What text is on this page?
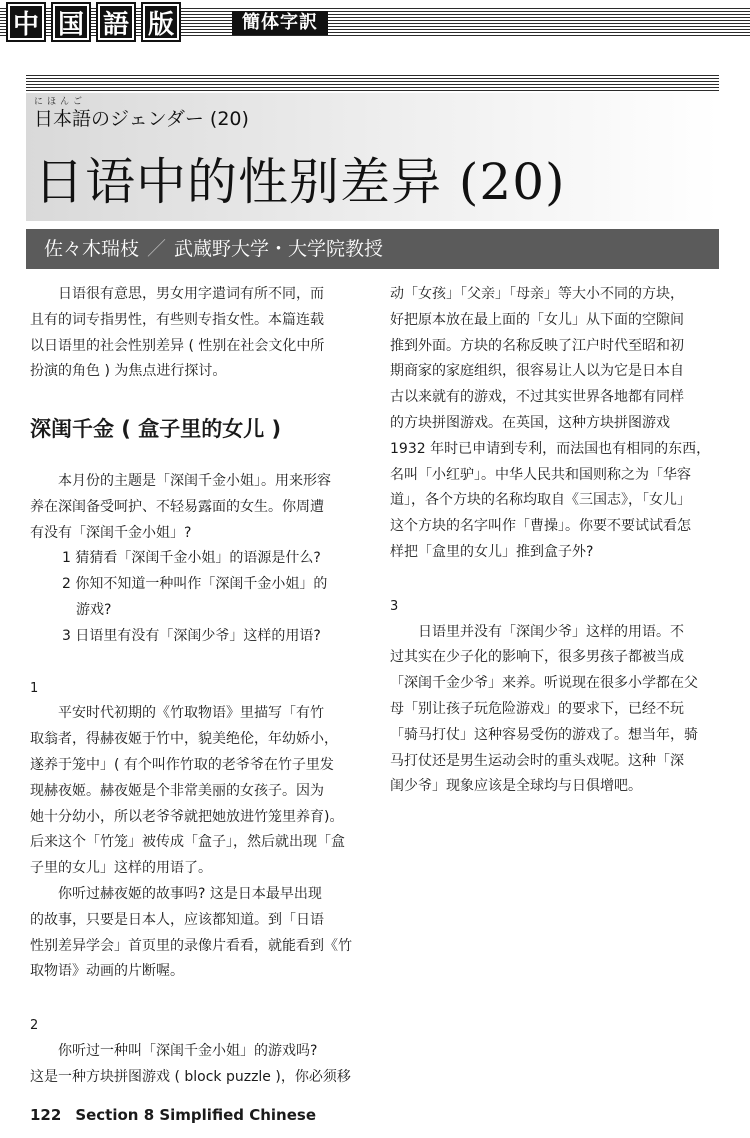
中 国 語 版	簡体字訳
にほんご
日本語のジェンダー (20)
日语中的性别差异 (20)
佐々木瑞枝 ／ 武蔵野大学・大学院教授

日语很有意思，男女用字遣词有所不同，而
且有的词专指男性，有些则专指女性。本篇连载
以日语里的社会性别差异 ( 性别在社会文化中所
扮演的角色 ) 为焦点进行探讨。

深闺千金 ( 盒子里的女儿 )

本月份的主题是「深闺千金小姐」。用来形容
养在深闺备受呵护、不轻易露面的女生。你周遭
有没有「深闺千金小姐」?

1 猜猜看「深闺千金小姐」的语源是什么?
2 你知不知道一种叫作「深闺千金小姐」的
游戏?
3 日语里有没有「深闺少爷」这样的用语?
1

平安时代初期的《竹取物语》里描写「有竹
取翁者，得赫夜姬于竹中，貌美绝伦，年幼娇小，
遂养于笼中」( 有个叫作竹取的老爷爷在竹子里发
现赫夜姬。赫夜姬是个非常美丽的女孩子。因为
她十分幼小，所以老爷爷就把她放进竹笼里养育)。
后来这个「竹笼」被传成「盒子」，然后就出现「盒
子里的女儿」这样的用语了。

你听过赫夜姬的故事吗? 这是日本最早出现
的故事，只要是日本人，应该都知道。到「日语
性别差异学会」首页里的录像片看看，就能看到《竹
取物语》动画的片断喔。

2

你听过一种叫「深闺千金小姐」的游戏吗?
这是一种方块拼图游戏 ( block puzzle )，你必须移

动「女孩」「父亲」「母亲」等大小不同的方块，
好把原本放在最上面的「女儿」从下面的空隙间
推到外面。方块的名称反映了江户时代至昭和初
期商家的家庭组织，很容易让人以为它是日本自
古以来就有的游戏，不过其实世界各地都有同样
的方块拼图游戏。在英国，这种方块拼图游戏
1932 年时已申请到专利，而法国也有相同的东西，
名叫「小红驴」。中华人民共和国则称之为「华容
道」，各个方块的名称均取自《三国志》，「女儿」
这个方块的名字叫作「曹操」。你要不要试试看怎
样把「盒里的女儿」推到盒子外?

3

日语里并没有「深闺少爷」这样的用语。不
过其实在少子化的影响下，很多男孩子都被当成
「深闺千金少爷」来养。听说现在很多小学都在父
母「别让孩子玩危险游戏」的要求下，已经不玩
「骑马打仗」这种容易受伤的游戏了。想当年，骑
马打仗还是男生运动会时的重头戏呢。这种「深
闺少爷」现象应该是全球均与日俱增吧。

122 Section 8 Simplified Chinese
